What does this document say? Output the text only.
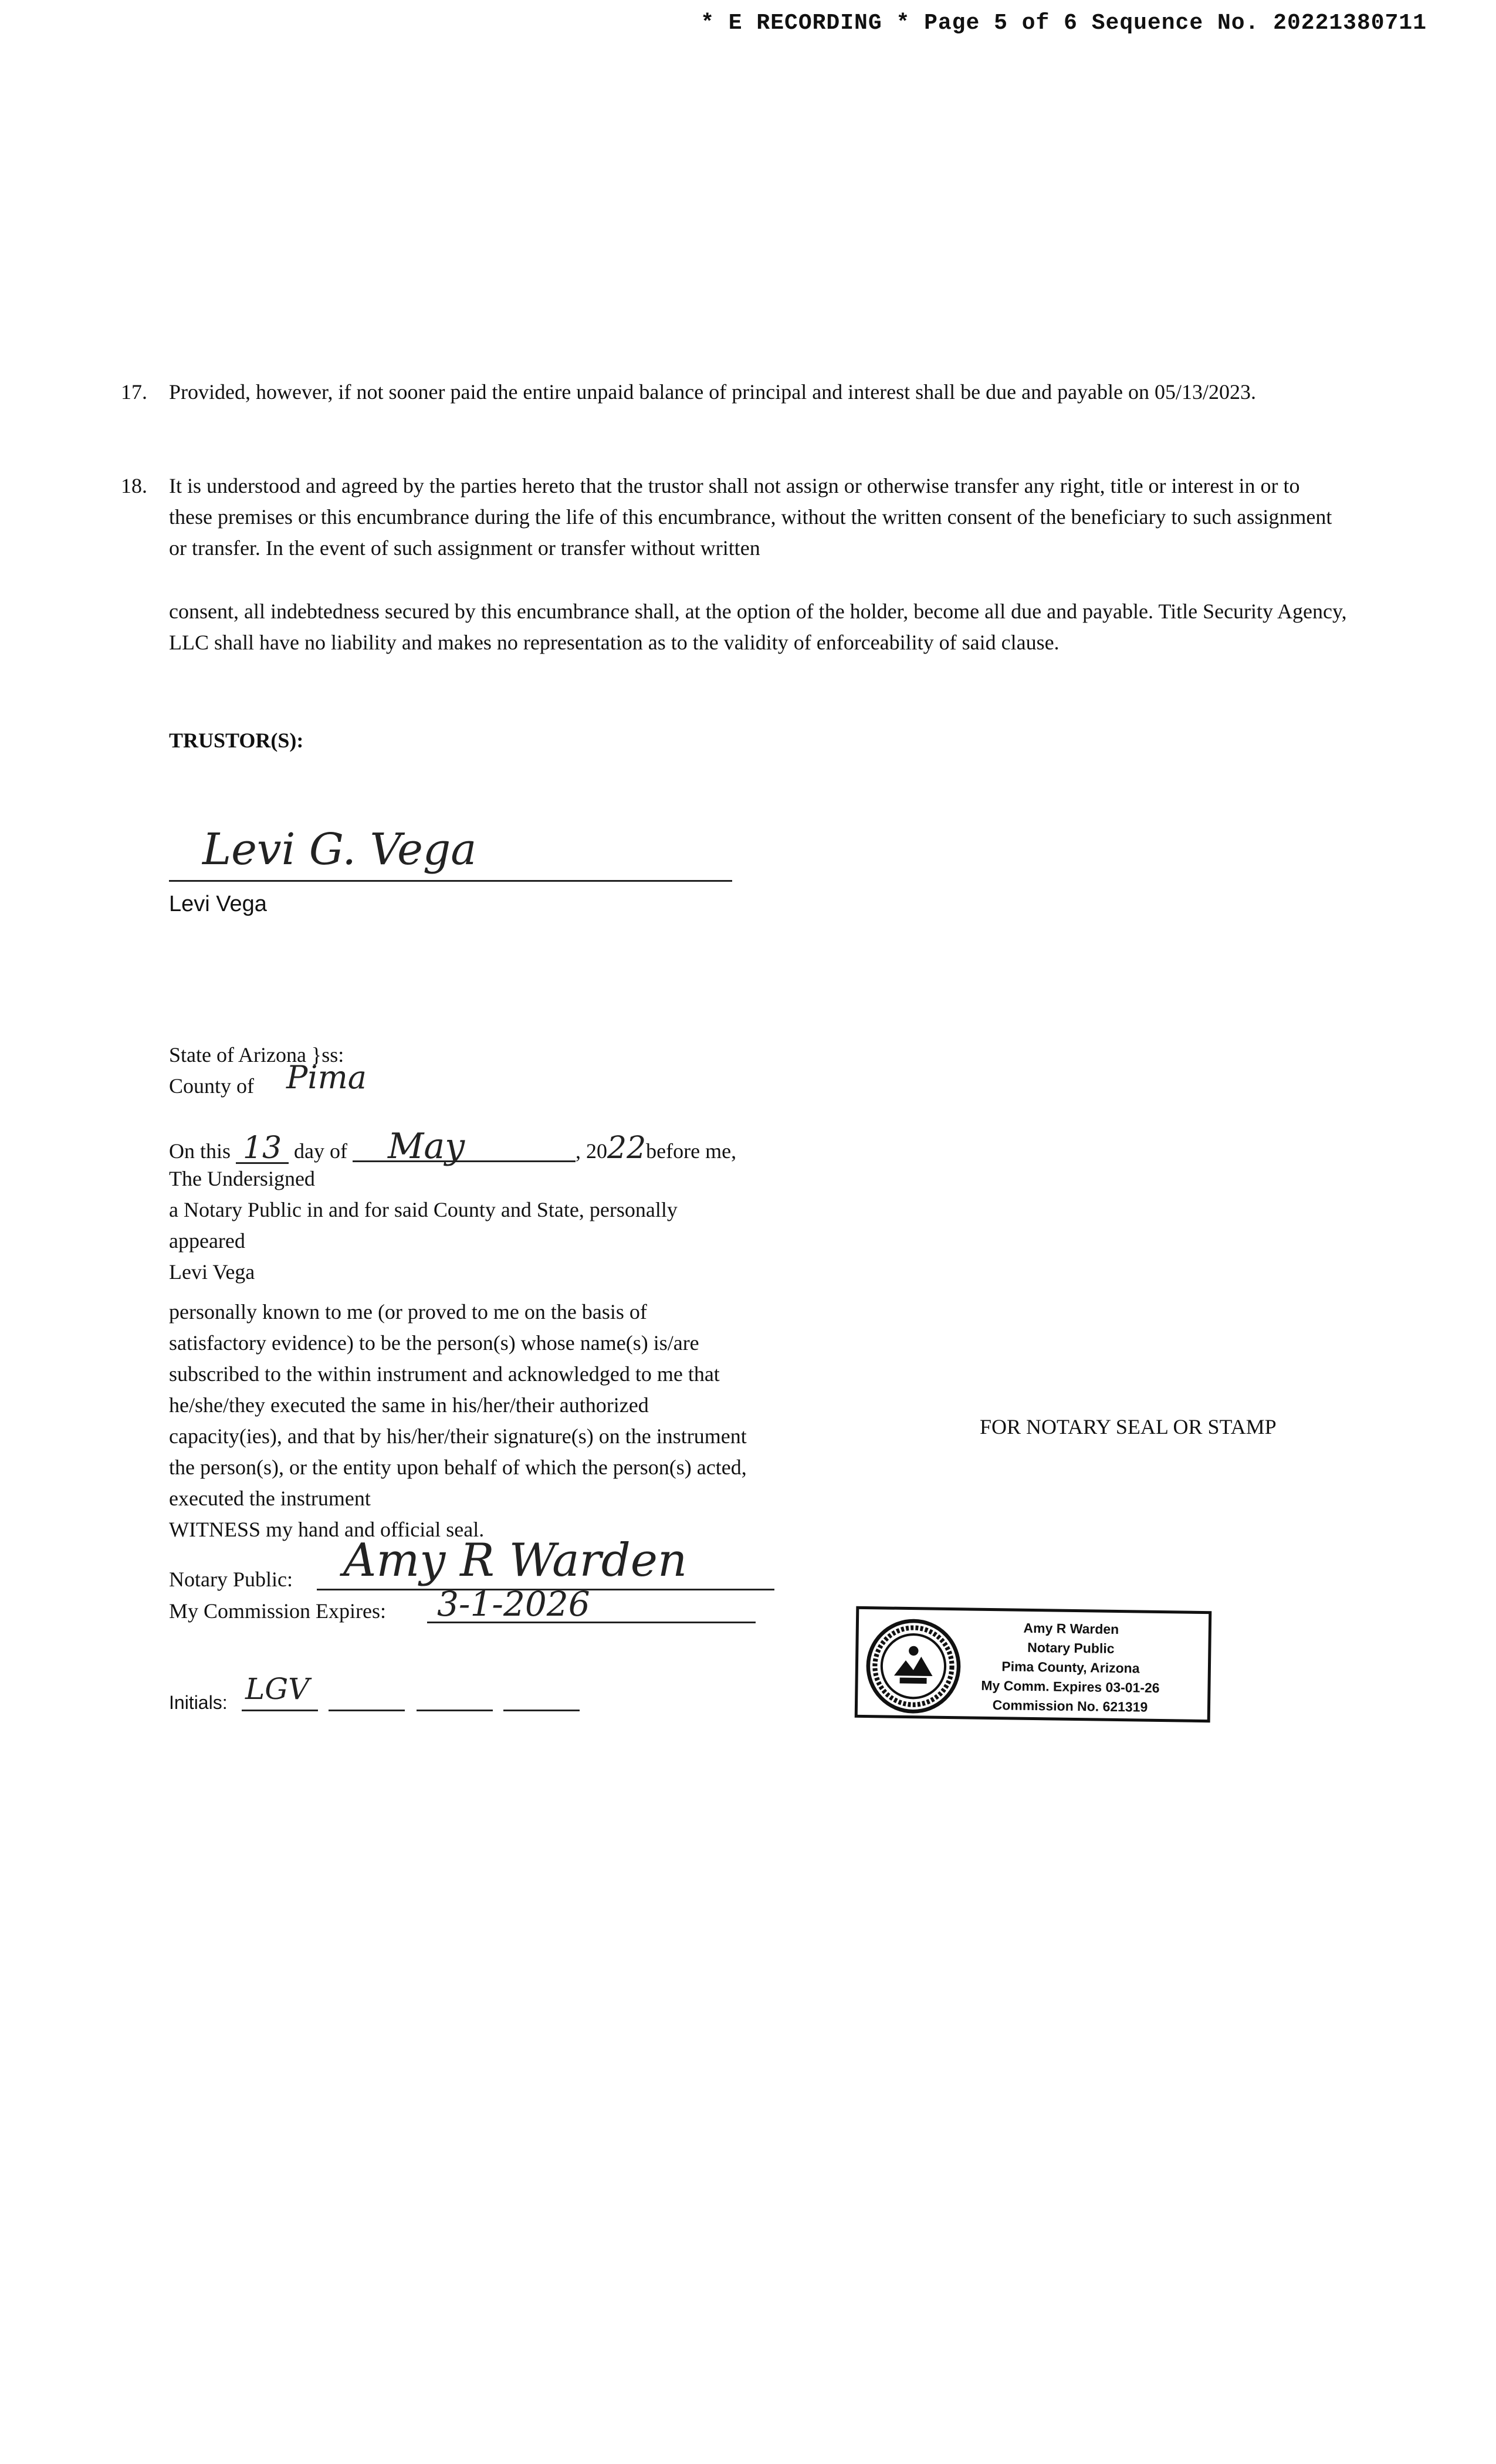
* E RECORDING * Page 5 of 6 Sequence No. 20221380711
17. Provided, however, if not sooner paid the entire unpaid balance of principal and interest shall be due and payable on 05/13/2023.
18. It is understood and agreed by the parties hereto that the trustor shall not assign or otherwise transfer any right, title or interest in or to these premises or this encumbrance during the life of this encumbrance, without the written consent of the beneficiary to such assignment or transfer. In the event of such assignment or transfer without written
consent, all indebtedness secured by this encumbrance shall, at the option of the holder, become all due and payable. Title Security Agency, LLC shall have no liability and makes no representation as to the validity of enforceability of said clause.
TRUSTOR(S):
Levi G. Vega
Levi Vega
State of Arizona }ss:
County of Pima
On this 13 day of May	, 2022before me,
The Undersigned
a Notary Public in and for said County and State, personally
appeared
Levi Vega
personally known to me (or proved to me on the basis of
satisfactory evidence) to be the person(s) whose name(s) is/are
subscribed to the within instrument and acknowledged to me that
he/she/they executed the same in his/her/their authorized
capacity(ies), and that by his/her/their signature(s) on the instrument
the person(s), or the entity upon behalf of which the person(s) acted,
executed the instrument
WITNESS my hand and official seal.
Notary Public: Amy R Warden
My Commission Expires: 3-1-2026
Initials: LGV
FOR NOTARY SEAL OR STAMP
Amy R Warden
Notary Public
Pima County, Arizona
My Comm. Expires 03-01-26
Commission No. 621319
